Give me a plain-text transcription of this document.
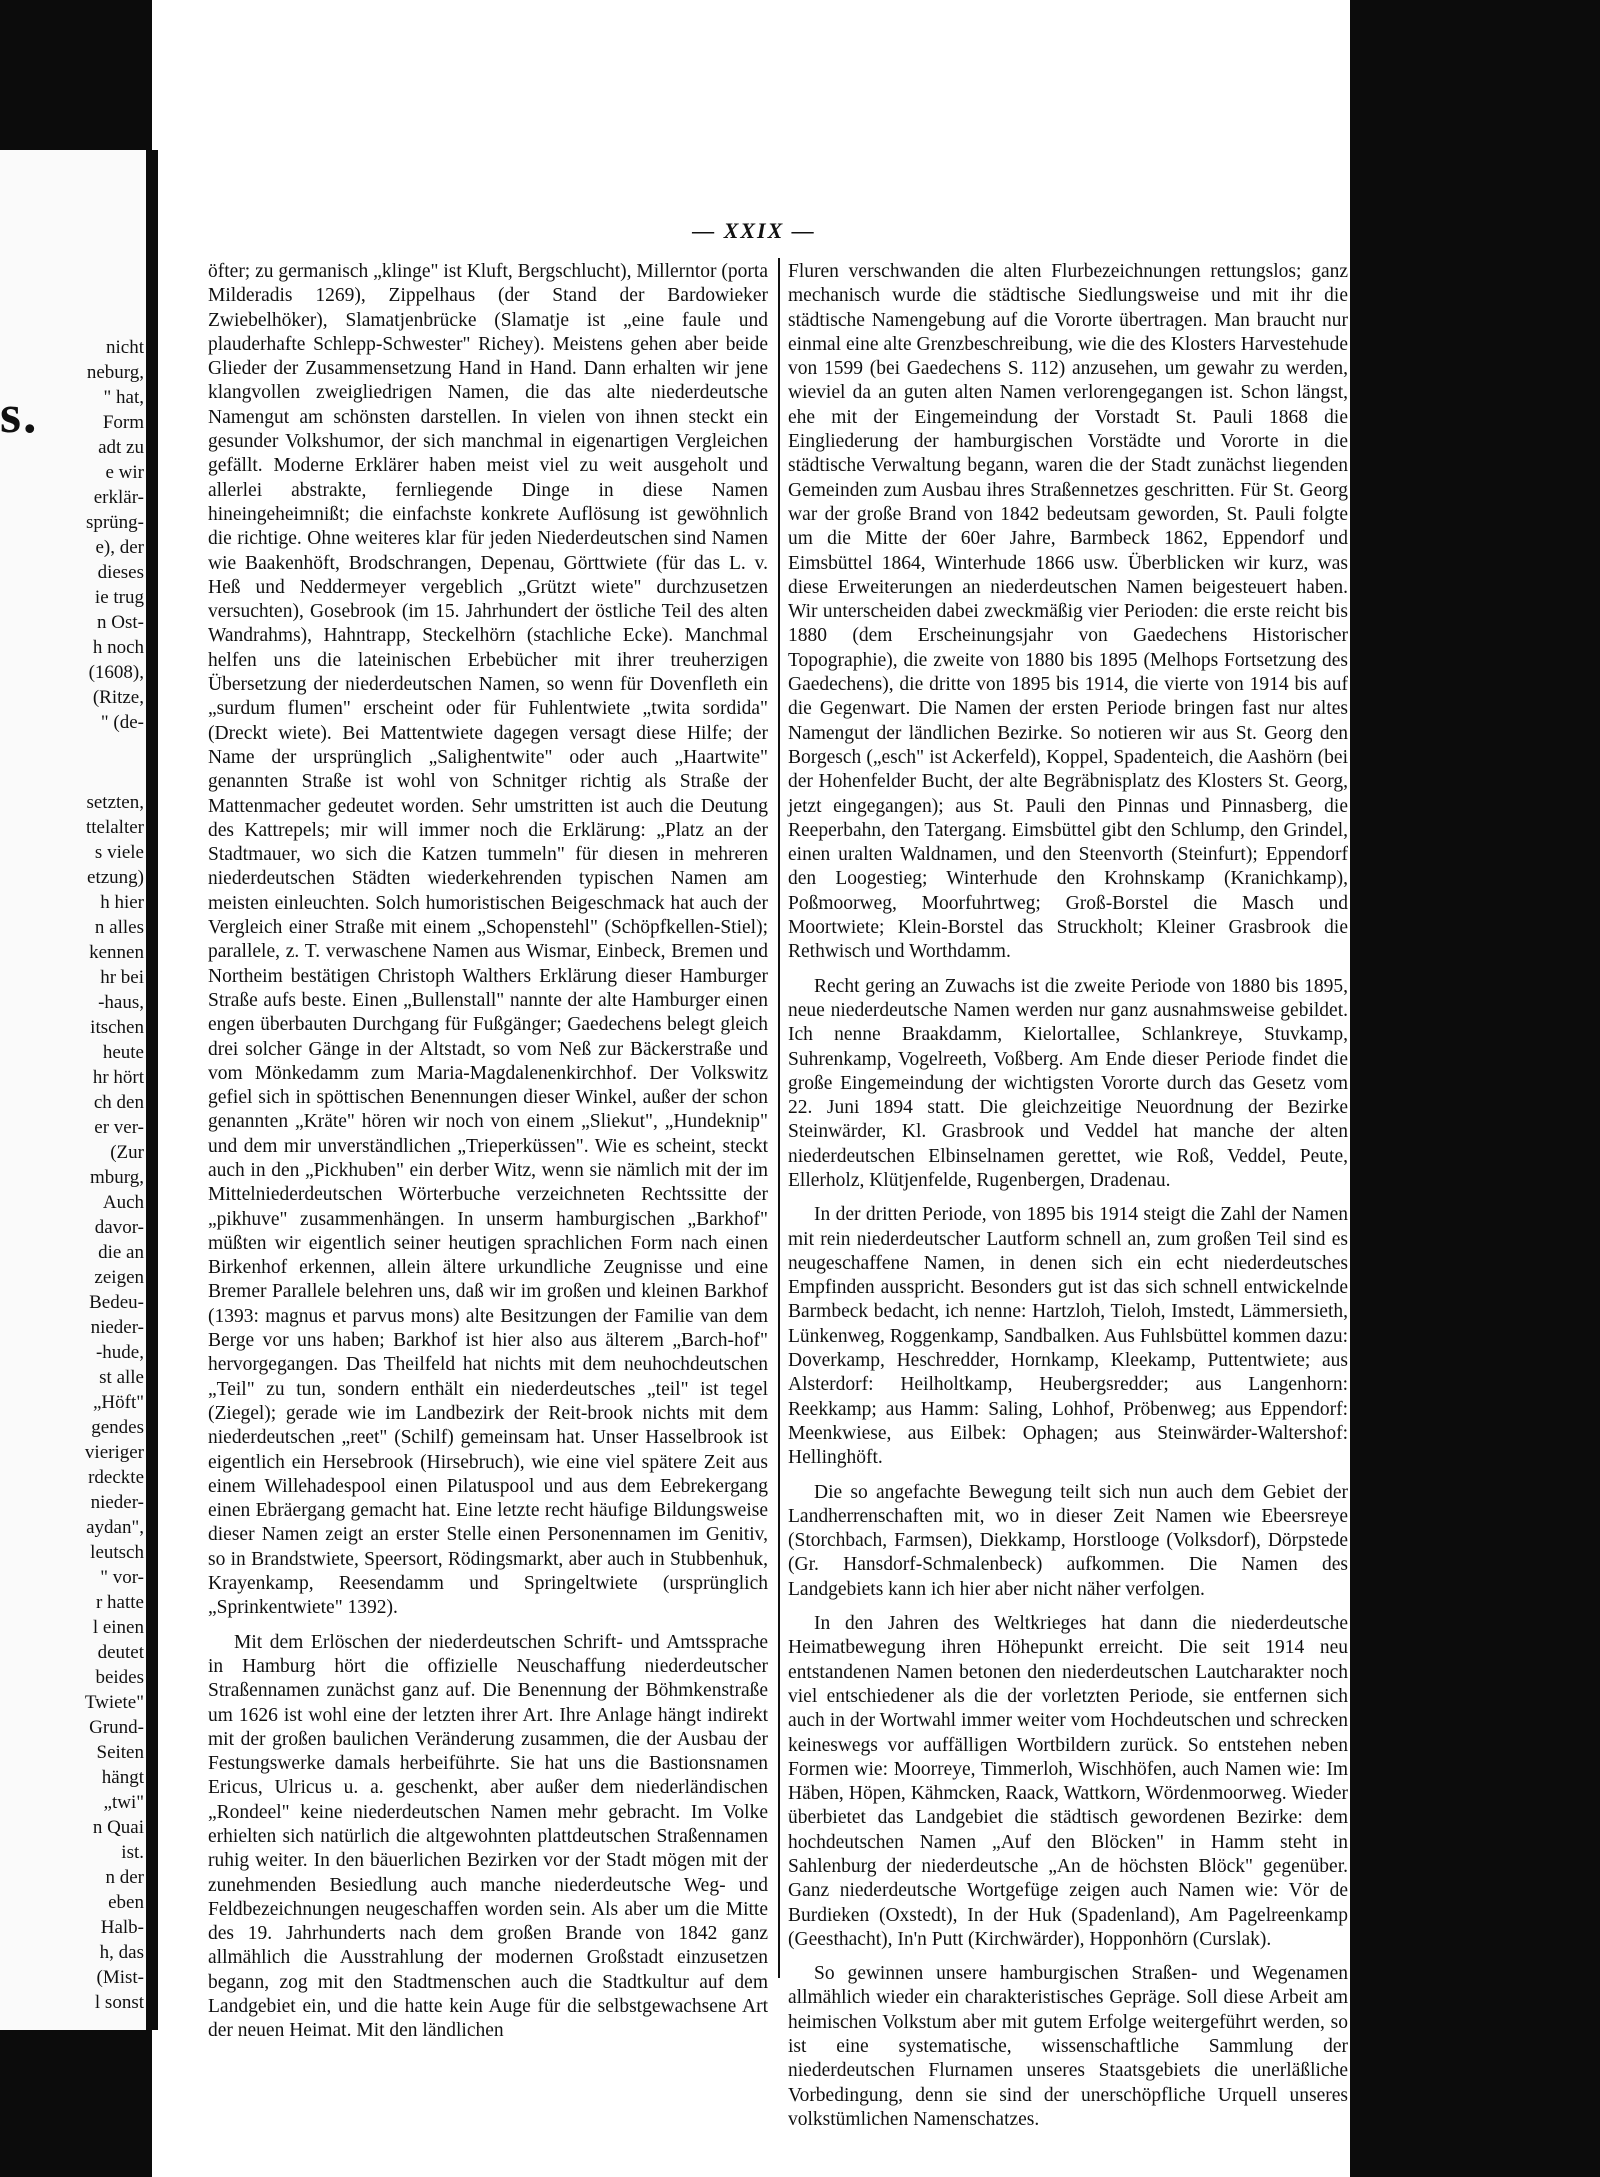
s.
nicht
neburg,
" hat,
Form
adt zu
e wir
erklär-
sprüng-
e), der
dieses
ie trug
n Ost-
h noch
(1608),
(Ritze,
" (de-
setzten,
ttelalter
s viele
etzung)
h hier
n alles
kennen
hr bei
-haus,
itschen
heute
hr hört
ch den
er ver-
(Zur
mburg,
Auch
davor-
die an
zeigen
Bedeu-
nieder-
-hude,
st alle
„Höft"
gendes
vieriger
rdeckte
nieder-
aydan",
leutsch
" vor-
r hatte
l einen
deutet
beides
Twiete"
Grund-
Seiten
hängt
„twi"
n Quai
ist.
n der
eben
Halb-
h, das
(Mist-
l sonst
— XXIX —

öfter; zu germanisch „klinge" ist Kluft, Bergschlucht), Millerntor (porta Milderadis 1269), Zippelhaus (der Stand der Bardowieker Zwiebelhöker), Slamatjenbrücke (Slamatje ist „eine faule und plauderhafte Schlepp-Schwester" Richey). Meistens gehen aber beide Glieder der Zusammensetzung Hand in Hand. Dann erhalten wir jene klangvollen zweigliedrigen Namen, die das alte niederdeutsche Namengut am schönsten darstellen. In vielen von ihnen steckt ein gesunder Volkshumor, der sich manchmal in eigenartigen Vergleichen gefällt. Moderne Erklärer haben meist viel zu weit ausgeholt und allerlei abstrakte, fernliegende Dinge in diese Namen hineingeheimnißt; die einfachste konkrete Auflösung ist gewöhnlich die richtige. Ohne weiteres klar für jeden Niederdeutschen sind Namen wie Baakenhöft, Brodschrangen, Depenau, Görttwiete (für das L. v. Heß und Neddermeyer vergeblich „Grützt wiete" durchzusetzen versuchten), Gosebrook (im 15. Jahrhundert der östliche Teil des alten Wandrahms), Hahntrapp, Steckelhörn (stachliche Ecke). Manchmal helfen uns die lateinischen Erbebücher mit ihrer treuherzigen Übersetzung der niederdeutschen Namen, so wenn für Dovenfleth ein „surdum flumen" erscheint oder für Fuhlentwiete „twita sordida" (Dreckt wiete). Bei Mattentwiete dagegen versagt diese Hilfe; der Name der ursprünglich „Salighentwite" oder auch „Haartwite" genannten Straße ist wohl von Schnitger richtig als Straße der Mattenmacher gedeutet worden. Sehr umstritten ist auch die Deutung des Kattrepels; mir will immer noch die Erklärung: „Platz an der Stadtmauer, wo sich die Katzen tummeln" für diesen in mehreren niederdeutschen Städten wiederkehrenden typischen Namen am meisten einleuchten. Solch humoristischen Beigeschmack hat auch der Vergleich einer Straße mit einem „Schopenstehl" (Schöpfkellen-Stiel); parallele, z. T. verwaschene Namen aus Wismar, Einbeck, Bremen und Northeim bestätigen Christoph Walthers Erklärung dieser Hamburger Straße aufs beste. Einen „Bullenstall" nannte der alte Hamburger einen engen überbauten Durchgang für Fußgänger; Gaedechens belegt gleich drei solcher Gänge in der Altstadt, so vom Neß zur Bäckerstraße und vom Mönkedamm zum Maria-Magdalenenkirchhof. Der Volkswitz gefiel sich in spöttischen Benennungen dieser Winkel, außer der schon genannten „Kräte" hören wir noch von einem „Sliekut", „Hundeknip" und dem mir unverständlichen „Trieperküssen". Wie es scheint, steckt auch in den „Pickhuben" ein derber Witz, wenn sie nämlich mit der im Mittelniederdeutschen Wörterbuche verzeichneten Rechtssitte der „pikhuve" zusammenhängen. In unserm hamburgischen „Barkhof" müßten wir eigentlich seiner heutigen sprachlichen Form nach einen Birkenhof erkennen, allein ältere urkundliche Zeugnisse und eine Bremer Parallele belehren uns, daß wir im großen und kleinen Barkhof (1393: magnus et parvus mons) alte Besitzungen der Familie van dem Berge vor uns haben; Barkhof ist hier also aus älterem „Barch-hof" hervorgegangen. Das Theilfeld hat nichts mit dem neuhochdeutschen „Teil" zu tun, sondern enthält ein niederdeutsches „teil" ist tegel (Ziegel); gerade wie im Landbezirk der Reit-brook nichts mit dem niederdeutschen „reet" (Schilf) gemeinsam hat. Unser Hasselbrook ist eigentlich ein Hersebrook (Hirsebruch), wie eine viel spätere Zeit aus einem Willehadespool einen Pilatuspool und aus dem Eebrekergang einen Ebräergang gemacht hat. Eine letzte recht häufige Bildungsweise dieser Namen zeigt an erster Stelle einen Personennamen im Genitiv, so in Brandstwiete, Speersort, Rödingsmarkt, aber auch in Stubbenhuk, Krayenkamp, Reesendamm und Springeltwiete (ursprünglich „Sprinkentwiete" 1392).

Mit dem Erlöschen der niederdeutschen Schrift- und Amtssprache in Hamburg hört die offizielle Neuschaffung niederdeutscher Straßennamen zunächst ganz auf. Die Benennung der Böhmkenstraße um 1626 ist wohl eine der letzten ihrer Art. Ihre Anlage hängt indirekt mit der großen baulichen Veränderung zusammen, die der Ausbau der Festungswerke damals herbeiführte. Sie hat uns die Bastionsnamen Ericus, Ulricus u. a. geschenkt, aber außer dem niederländischen „Rondeel" keine niederdeutschen Namen mehr gebracht. Im Volke erhielten sich natürlich die altgewohnten plattdeutschen Straßennamen ruhig weiter. In den bäuerlichen Bezirken vor der Stadt mögen mit der zunehmenden Besiedlung auch manche niederdeutsche Weg- und Feldbezeichnungen neugeschaffen worden sein. Als aber um die Mitte des 19. Jahrhunderts nach dem großen Brande von 1842 ganz allmählich die Ausstrahlung der modernen Großstadt einzusetzen begann, zog mit den Stadtmenschen auch die Stadtkultur auf dem Landgebiet ein, und die hatte kein Auge für die selbstgewachsene Art der neuen Heimat. Mit den ländlichen

Fluren verschwanden die alten Flurbezeichnungen rettungslos; ganz mechanisch wurde die städtische Siedlungsweise und mit ihr die städtische Namengebung auf die Vororte übertragen. Man braucht nur einmal eine alte Grenzbeschreibung, wie die des Klosters Harvestehude von 1599 (bei Gaedechens S. 112) anzusehen, um gewahr zu werden, wieviel da an guten alten Namen verlorengegangen ist. Schon längst, ehe mit der Eingemeindung der Vorstadt St. Pauli 1868 die Eingliederung der hamburgischen Vorstädte und Vororte in die städtische Verwaltung begann, waren die der Stadt zunächst liegenden Gemeinden zum Ausbau ihres Straßennetzes geschritten. Für St. Georg war der große Brand von 1842 bedeutsam geworden, St. Pauli folgte um die Mitte der 60er Jahre, Barmbeck 1862, Eppendorf und Eimsbüttel 1864, Winterhude 1866 usw. Überblicken wir kurz, was diese Erweiterungen an niederdeutschen Namen beigesteuert haben. Wir unterscheiden dabei zweckmäßig vier Perioden: die erste reicht bis 1880 (dem Erscheinungsjahr von Gaedechens Historischer Topographie), die zweite von 1880 bis 1895 (Melhops Fortsetzung des Gaedechens), die dritte von 1895 bis 1914, die vierte von 1914 bis auf die Gegenwart. Die Namen der ersten Periode bringen fast nur altes Namengut der ländlichen Bezirke. So notieren wir aus St. Georg den Borgesch („esch" ist Ackerfeld), Koppel, Spadenteich, die Aashörn (bei der Hohenfelder Bucht, der alte Begräbnisplatz des Klosters St. Georg, jetzt eingegangen); aus St. Pauli den Pinnas und Pinnasberg, die Reeperbahn, den Tatergang. Eimsbüttel gibt den Schlump, den Grindel, einen uralten Waldnamen, und den Steenvorth (Steinfurt); Eppendorf den Loogestieg; Winterhude den Krohnskamp (Kranichkamp), Poßmoorweg, Moorfuhrtweg; Groß-Borstel die Masch und Moortwiete; Klein-Borstel das Struckholt; Kleiner Grasbrook die Rethwisch und Worthdamm.

Recht gering an Zuwachs ist die zweite Periode von 1880 bis 1895, neue niederdeutsche Namen werden nur ganz ausnahmsweise gebildet. Ich nenne Braakdamm, Kielortallee, Schlankreye, Stuvkamp, Suhrenkamp, Vogelreeth, Voßberg. Am Ende dieser Periode findet die große Eingemeindung der wichtigsten Vororte durch das Gesetz vom 22. Juni 1894 statt. Die gleichzeitige Neuordnung der Bezirke Steinwärder, Kl. Grasbrook und Veddel hat manche der alten niederdeutschen Elbinselnamen gerettet, wie Roß, Veddel, Peute, Ellerholz, Klütjenfelde, Rugenbergen, Dradenau.

In der dritten Periode, von 1895 bis 1914 steigt die Zahl der Namen mit rein niederdeutscher Lautform schnell an, zum großen Teil sind es neugeschaffene Namen, in denen sich ein echt niederdeutsches Empfinden ausspricht. Besonders gut ist das sich schnell entwickelnde Barmbeck bedacht, ich nenne: Hartzloh, Tieloh, Imstedt, Lämmersieth, Lünkenweg, Roggenkamp, Sandbalken. Aus Fuhlsbüttel kommen dazu: Doverkamp, Heschredder, Hornkamp, Kleekamp, Puttentwiete; aus Alsterdorf: Heilholtkamp, Heubergsredder; aus Langenhorn: Reekkamp; aus Hamm: Saling, Lohhof, Pröbenweg; aus Eppendorf: Meenkwiese, aus Eilbek: Ophagen; aus Steinwärder-Waltershof: Hellinghöft.

Die so angefachte Bewegung teilt sich nun auch dem Gebiet der Landherrenschaften mit, wo in dieser Zeit Namen wie Ebeersreye (Storchbach, Farmsen), Diekkamp, Horstlooge (Volksdorf), Dörpstede (Gr. Hansdorf-Schmalenbeck) aufkommen. Die Namen des Landgebiets kann ich hier aber nicht näher verfolgen.

In den Jahren des Weltkrieges hat dann die niederdeutsche Heimatbewegung ihren Höhepunkt erreicht. Die seit 1914 neu entstandenen Namen betonen den niederdeutschen Lautcharakter noch viel entschiedener als die der vorletzten Periode, sie entfernen sich auch in der Wortwahl immer weiter vom Hochdeutschen und schrecken keineswegs vor auffälligen Wortbildern zurück. So entstehen neben Formen wie: Moorreye, Timmerloh, Wischhöfen, auch Namen wie: Im Häben, Höpen, Kähmcken, Raack, Wattkorn, Wördenmoorweg. Wieder überbietet das Landgebiet die städtisch gewordenen Bezirke: dem hochdeutschen Namen „Auf den Blöcken" in Hamm steht in Sahlenburg der niederdeutsche „An de höchsten Blöck" gegenüber. Ganz niederdeutsche Wortgefüge zeigen auch Namen wie: Vör de Burdieken (Oxstedt), In der Huk (Spadenland), Am Pagelreenkamp (Geesthacht), In'n Putt (Kirchwärder), Hopponhörn (Curslak).

So gewinnen unsere hamburgischen Straßen- und Wegenamen allmählich wieder ein charakteristisches Gepräge. Soll diese Arbeit am heimischen Volkstum aber mit gutem Erfolge weitergeführt werden, so ist eine systematische, wissenschaftliche Sammlung der niederdeutschen Flurnamen unseres Staatsgebiets die unerläßliche Vorbedingung, denn sie sind der unerschöpfliche Urquell unseres volkstümlichen Namenschatzes.
